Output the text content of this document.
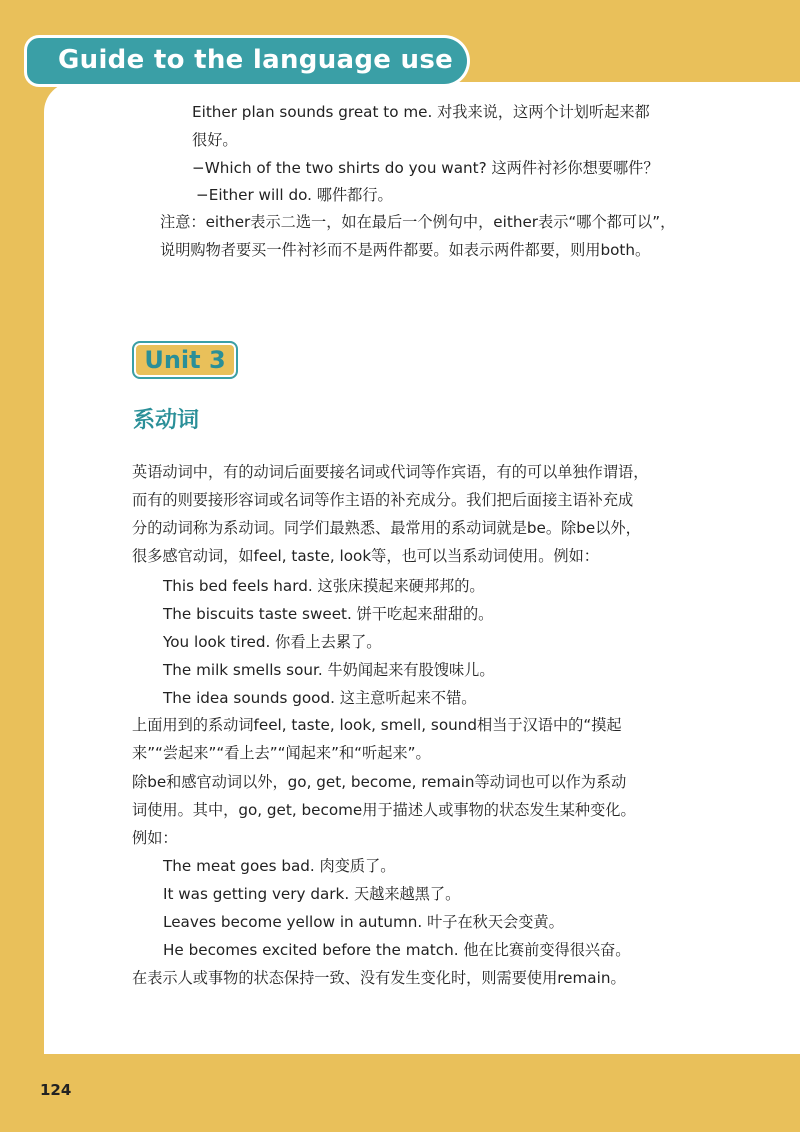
Guide to the language use
Either plan sounds great to me. 对我来说，这两个计划听起来都
很好。
−Which of the two shirts do you want? 这两件衬衫你想要哪件？
−Either will do. 哪件都行。
注意：either表示二选一，如在最后一个例句中，either表示“哪个都可以”，
说明购物者要买一件衬衫而不是两件都要。如表示两件都要，则用both。
Unit 3
系动词
英语动词中，有的动词后面要接名词或代词等作宾语，有的可以单独作谓语，
而有的则要接形容词或名词等作主语的补充成分。我们把后面接主语补充成
分的动词称为系动词。同学们最熟悉、最常用的系动词就是be。除be以外，
很多感官动词，如feel, taste, look等，也可以当系动词使用。例如：
This bed feels hard. 这张床摸起来硬邦邦的。
The biscuits taste sweet. 饼干吃起来甜甜的。
You look tired. 你看上去累了。
The milk smells sour. 牛奶闻起来有股馊味儿。
The idea sounds good. 这主意听起来不错。
上面用到的系动词feel, taste, look, smell, sound相当于汉语中的“摸起
来”“尝起来”“看上去”“闻起来”和“听起来”。
除be和感官动词以外，go, get, become, remain等动词也可以作为系动
词使用。其中，go, get, become用于描述人或事物的状态发生某种变化。
例如：
The meat goes bad. 肉变质了。
It was getting very dark. 天越来越黑了。
Leaves become yellow in autumn. 叶子在秋天会变黄。
He becomes excited before the match. 他在比赛前变得很兴奋。
在表示人或事物的状态保持一致、没有发生变化时，则需要使用remain。
124
